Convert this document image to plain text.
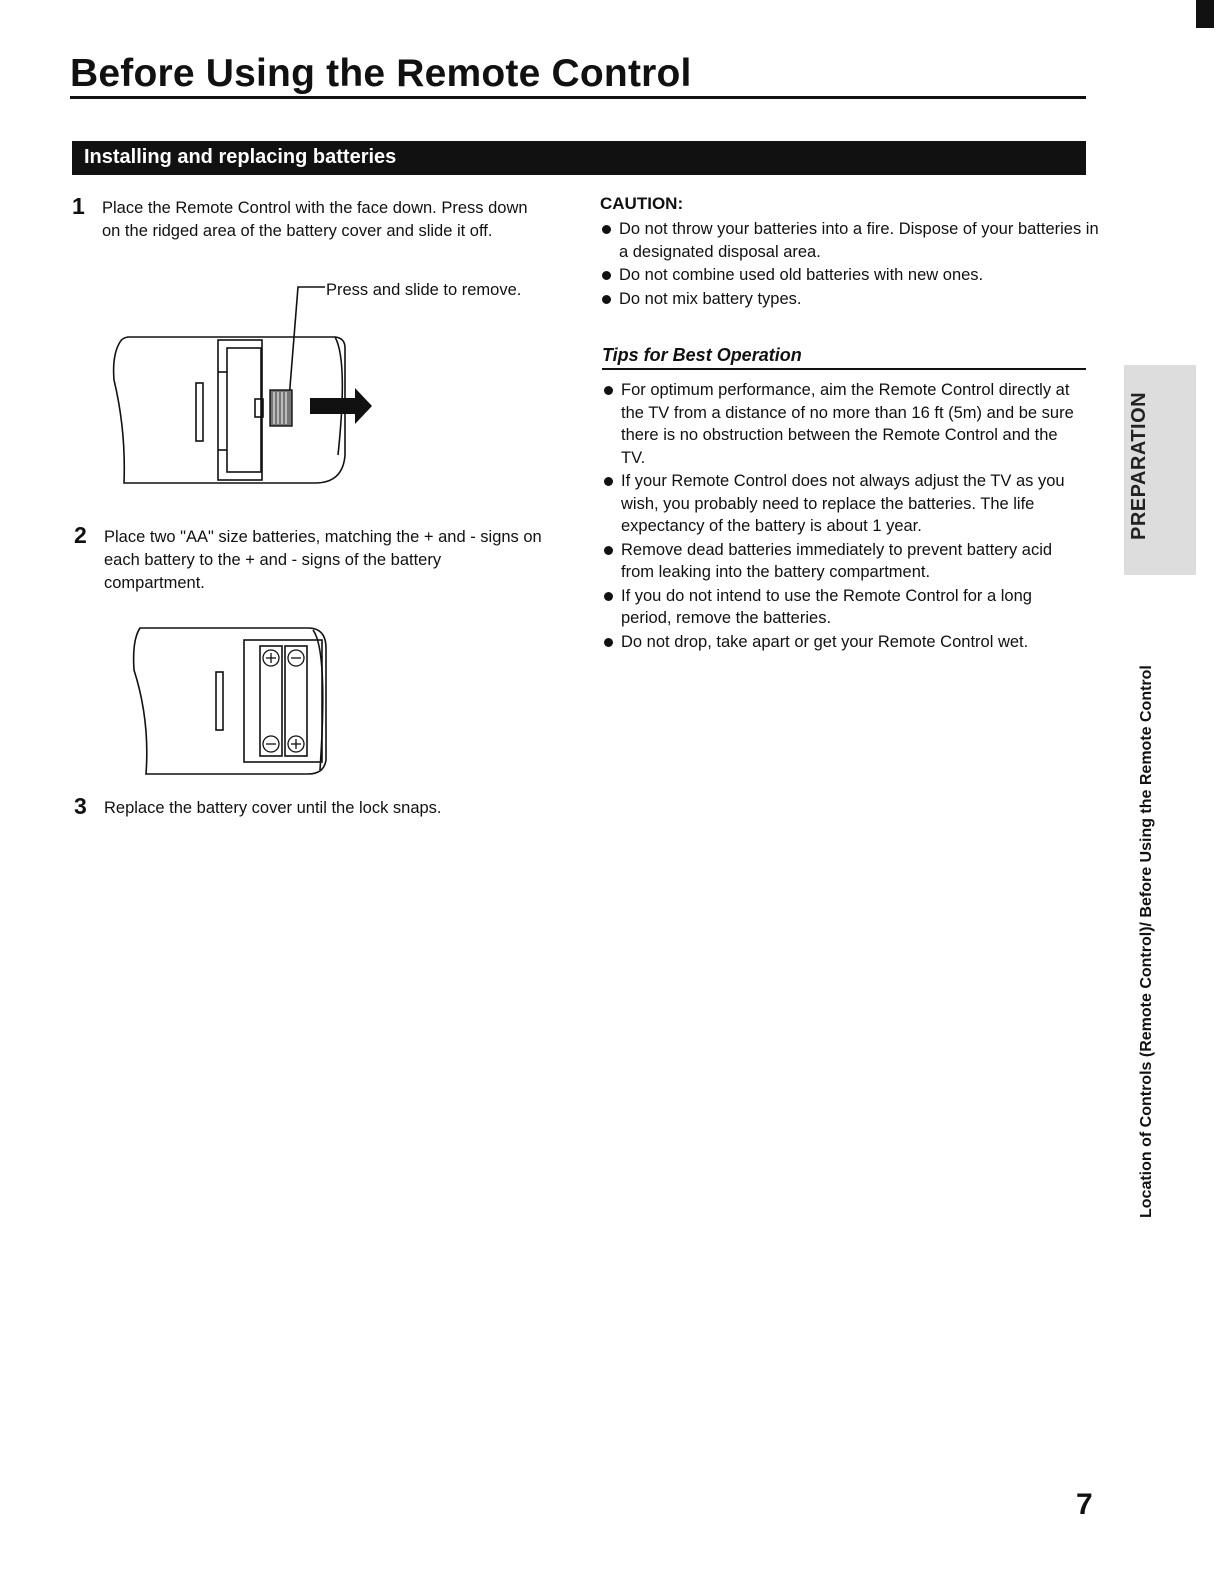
Before Using the Remote Control
Installing and replacing batteries
1 Place the Remote Control with the face down. Press down on the ridged area of the battery cover and slide it off.
Press and slide to remove.
2 Place two "AA" size batteries, matching the + and - signs on each battery to the + and - signs of the battery compartment.
3 Replace the battery cover until the lock snaps.
CAUTION:
Do not throw your batteries into a fire. Dispose of your batteries in a designated disposal area.
Do not combine used old batteries with new ones.
Do not mix battery types.
Tips for Best Operation
For optimum performance, aim the Remote Control directly at the TV from a distance of no more than 16 ft (5m) and be sure there is no obstruction between the Remote Control and the TV.
If your Remote Control does not always adjust the TV as you wish, you probably need to replace the batteries. The life expectancy of the battery is about 1 year.
Remove dead batteries immediately to prevent battery acid from leaking into the battery compartment.
If you do not intend to use the Remote Control for a long period, remove the batteries.
Do not drop, take apart or get your Remote Control wet.
PREPARATION
Location of Controls (Remote Control)/ Before Using the Remote Control
7
